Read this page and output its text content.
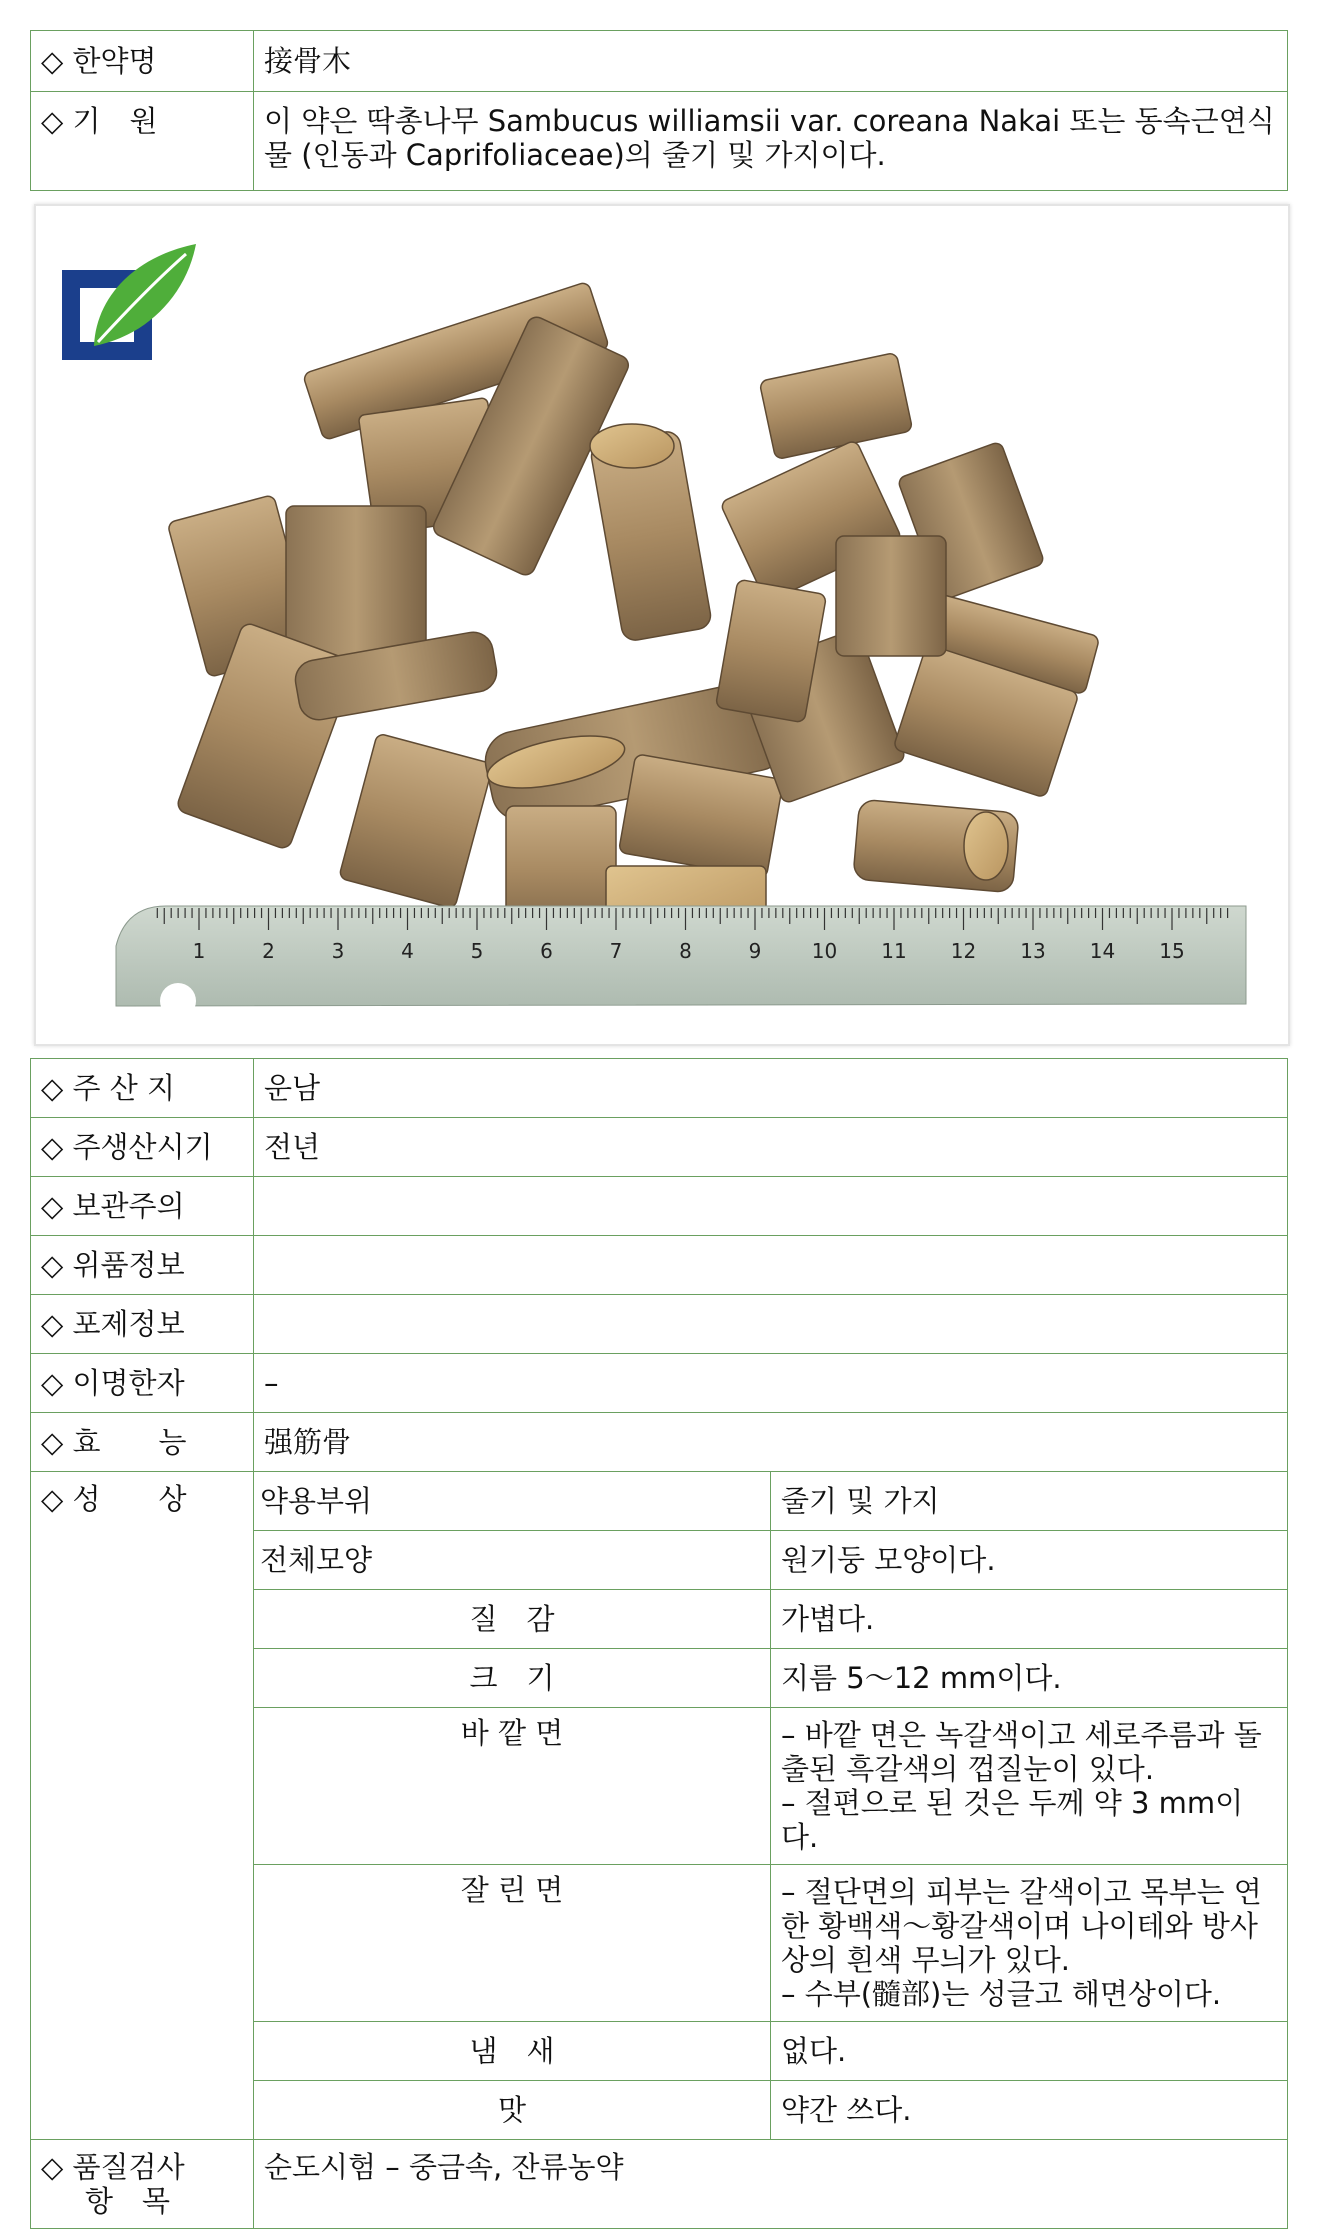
◇ 한약명	接骨木
◇ 기　원	이 약은 딱총나무 Sambucus williamsii var. coreana Nakai 또는 동속근연식물 (인동과 Caprifoliaceae)의 줄기 및 가지이다.
1	2	3	4	5	6	7	8	9	10 11 12 13 14 15
◇ 주 산 지	운남	
◇ 주생산시기	전년	
◇ 보관주의		
◇ 위품정보		
◇ 포제정보		
◇ 이명한자	–	
◇ 효　　능	强筋骨	
◇ 성　　상	약용부위	줄기 및 가지

	전체모양	원기둥 모양이다.
	질　감	가볍다.
	크　기	지름 5～12 mm이다.
	바 깥 면	– 바깥 면은 녹갈색이고 세로주름과 돌출된 흑갈색의 껍질눈이 있다.
– 절편으로 된 것은 두께 약 3 mm이다.

	잘 린 면	– 절단면의 피부는 갈색이고 목부는 연한 황백색～황갈색이며 나이테와 방사상의 흰색 무늬가 있다.
– 수부(髓部)는 성글고 해면상이다.

	냄　새	없다.
	맛	약간 쓰다.

◇ 품질검사
항　목	순도시험 – 중금속, 잔류농약	
